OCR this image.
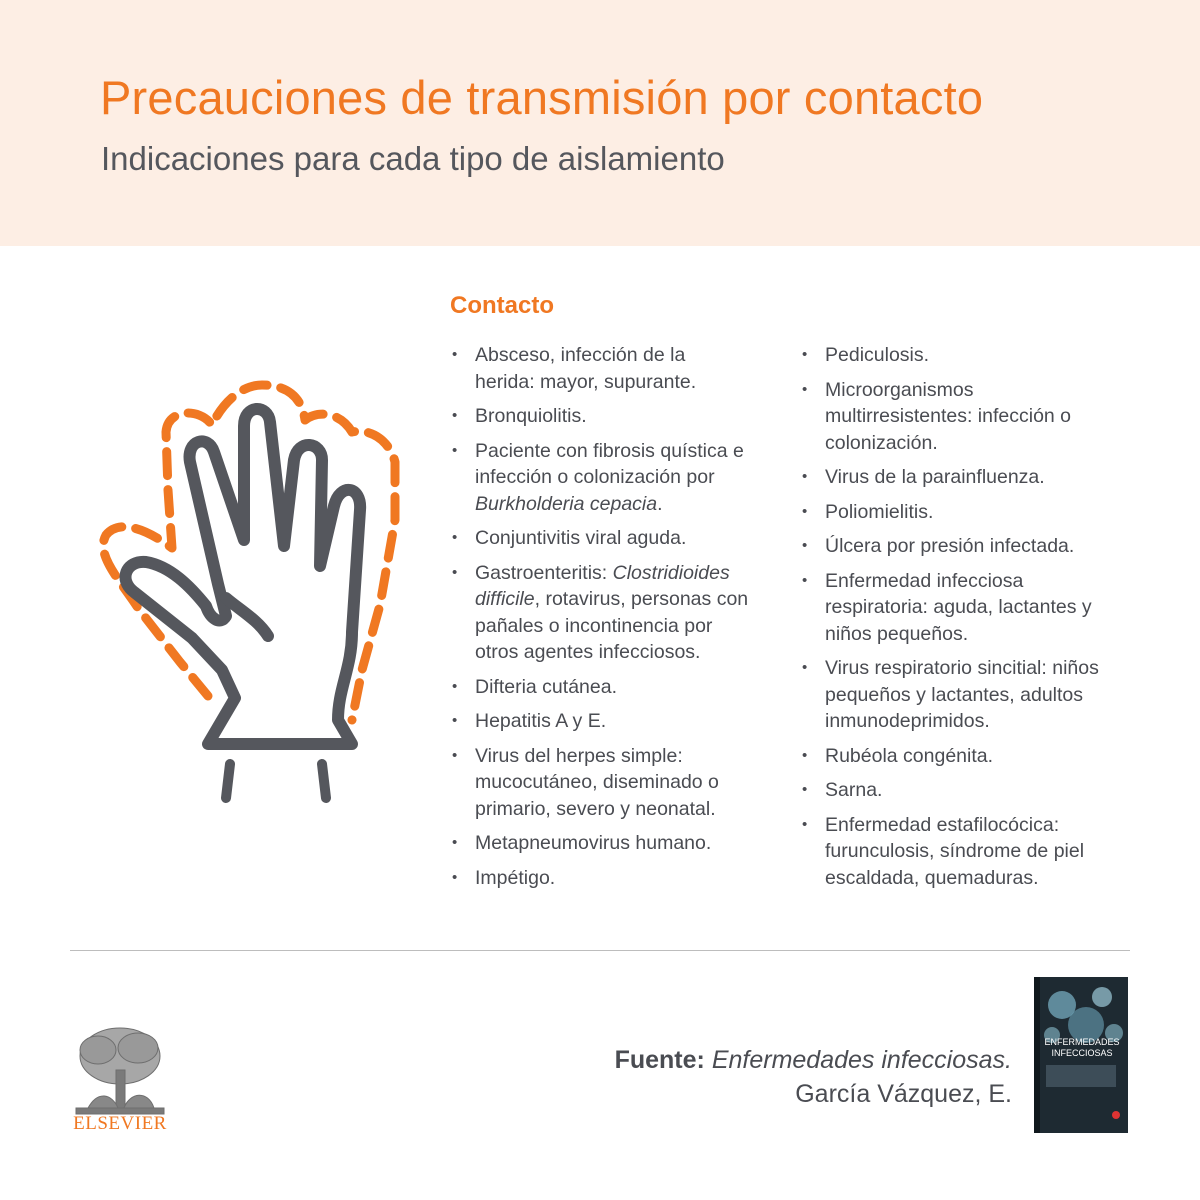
Precauciones de transmisión por contacto
Indicaciones para cada tipo de aislamiento
Contacto
• Absceso, infección de la herida: mayor, supurante.
• Bronquiolitis.
• Paciente con fibrosis quística e infección o colonización por Burkholderia cepacia.
• Conjuntivitis viral aguda.
• Gastroenteritis: Clostridioides difficile, rotavirus, personas con pañales o incontinencia por otros agentes infecciosos.
• Difteria cutánea.
• Hepatitis A y E.
• Virus del herpes simple: mucocutáneo, diseminado o primario, severo y neonatal.
• Metapneumovirus humano.
• Impétigo.
• Pediculosis.
• Microorganismos multirresistentes: infección o colonización.
• Virus de la parainfluenza.
• Poliomielitis.
• Úlcera por presión infectada.
• Enfermedad infecciosa respiratoria: aguda, lactantes y niños pequeños.
• Virus respiratorio sincitial: niños pequeños y lactantes, adultos inmunodeprimidos.
• Rubéola congénita.
• Sarna.
• Enfermedad estafilocócica: furunculosis, síndrome de piel escaldada, quemaduras.
ELSEVIER
Fuente: Enfermedades infecciosas.
García Vázquez, E.
ENFERMEDADES
INFECCIOSAS
